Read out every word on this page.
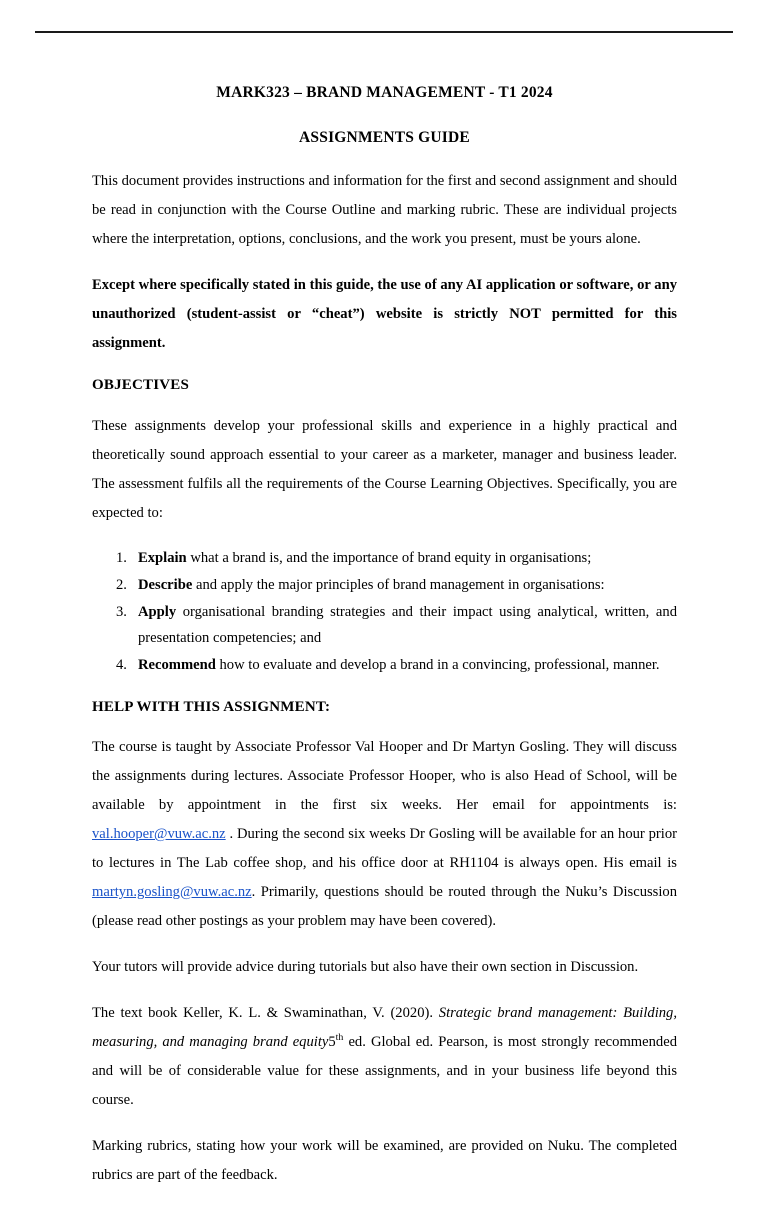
MARK323 – BRAND MANAGEMENT - T1 2024
ASSIGNMENTS GUIDE

This document provides instructions and information for the first and second assignment and should be read in conjunction with the Course Outline and marking rubric. These are individual projects where the interpretation, options, conclusions, and the work you present, must be yours alone.

Except where specifically stated in this guide, the use of any AI application or software, or any unauthorized (student-assist or “cheat”) website is strictly NOT permitted for this assignment.

OBJECTIVES

These assignments develop your professional skills and experience in a highly practical and theoretically sound approach essential to your career as a marketer, manager and business leader. The assessment fulfils all the requirements of the Course Learning Objectives. Specifically, you are expected to:

Explain what a brand is, and the importance of brand equity in organisations;
Describe and apply the major principles of brand management in organisations:
Apply organisational branding strategies and their impact using analytical, written, and presentation competencies; and
Recommend how to evaluate and develop a brand in a convincing, professional, manner.
HELP WITH THIS ASSIGNMENT:

The course is taught by Associate Professor Val Hooper and Dr Martyn Gosling. They will discuss the assignments during lectures. Associate Professor Hooper, who is also Head of School, will be available by appointment in the first six weeks. Her email for appointments is: val.hooper@vuw.ac.nz . During the second six weeks Dr Gosling will be available for an hour prior to lectures in The Lab coffee shop, and his office door at RH1104 is always open. His email is martyn.gosling@vuw.ac.nz. Primarily, questions should be routed through the Nuku’s Discussion (please read other postings as your problem may have been covered).

Your tutors will provide advice during tutorials but also have their own section in Discussion.

The text book Keller, K. L. & Swaminathan, V. (2020). Strategic brand management: Building, measuring, and managing brand equity5th ed. Global ed. Pearson, is most strongly recommended and will be of considerable value for these assignments, and in your business life beyond this course.

Marking rubrics, stating how your work will be examined, are provided on Nuku. The completed rubrics are part of the feedback.
